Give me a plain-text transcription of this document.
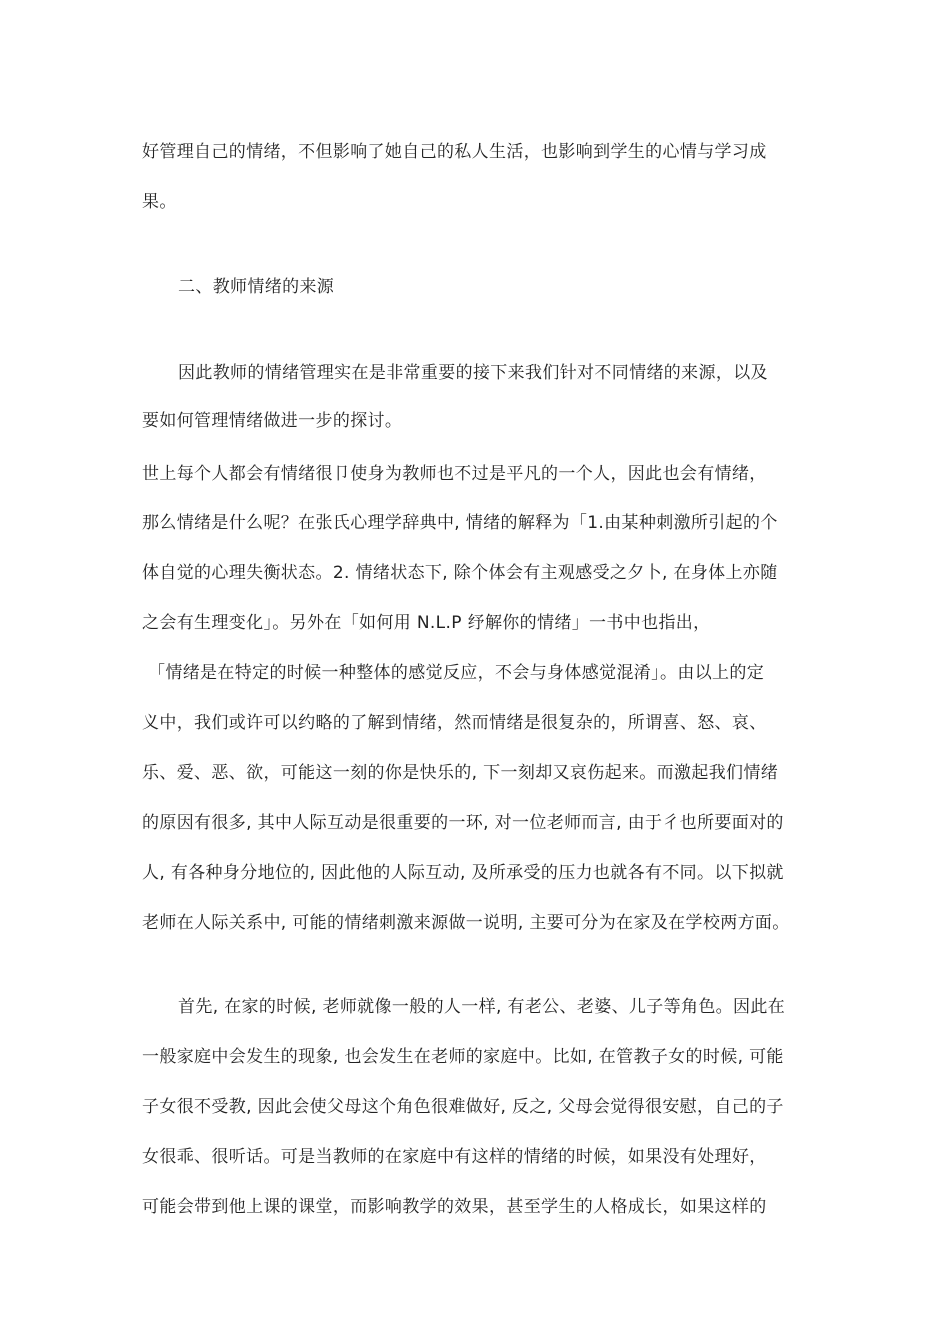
好管理自己的情绪，不但影响了她自己的私人生活，也影响到学生的心情与学习成
果。
二、教师情绪的来源
因此教师的情绪管理实在是非常重要的接下来我们针对不同情绪的来源，以及
要如何管理情绪做进一步的探讨。
世上每个人都会有情绪很卩使身为教师也不过是平凡的一个人，因此也会有情绪，
那么情绪是什么呢？在张氏心理学辞典中, 情绪的解释为「1.由某种刺激所引起的个
体自觉的心理失衡状态。2. 情绪状态下, 除个体会有主观感受之夕卜, 在身体上亦随
之会有生理变化」。另外在「如何用 N.L.P 纾解你的情绪」一书中也指出，
「情绪是在特定的时候一种整体的感觉反应，不会与身体感觉混淆」。由以上的定
义中，我们或许可以约略的了解到情绪，然而情绪是很复杂的，所谓喜、怒、哀、
乐、爱、恶、欲，可能这一刻的你是快乐的, 下一刻却又哀伤起来。而激起我们情绪
的原因有很多, 其中人际互动是很重要的一环, 对一位老师而言, 由于彳也所要面对的
人, 有各种身分地位的, 因此他的人际互动, 及所承受的压力也就各有不同。以下拟就
老师在人际关系中, 可能的情绪刺激来源做一说明, 主要可分为在家及在学校两方面。
首先, 在家的时候, 老师就像一般的人一样, 有老公、老婆、儿子等角色。因此在
一般家庭中会发生的现象, 也会发生在老师的家庭中。比如, 在管教子女的时候, 可能
子女很不受教, 因此会使父母这个角色很难做好, 反之, 父母会觉得很安慰，自己的子
女很乖、很听话。可是当教师的在家庭中有这样的情绪的时候，如果没有处理好，
可能会带到他上课的课堂，而影响教学的效果，甚至学生的人格成长，如果这样的
